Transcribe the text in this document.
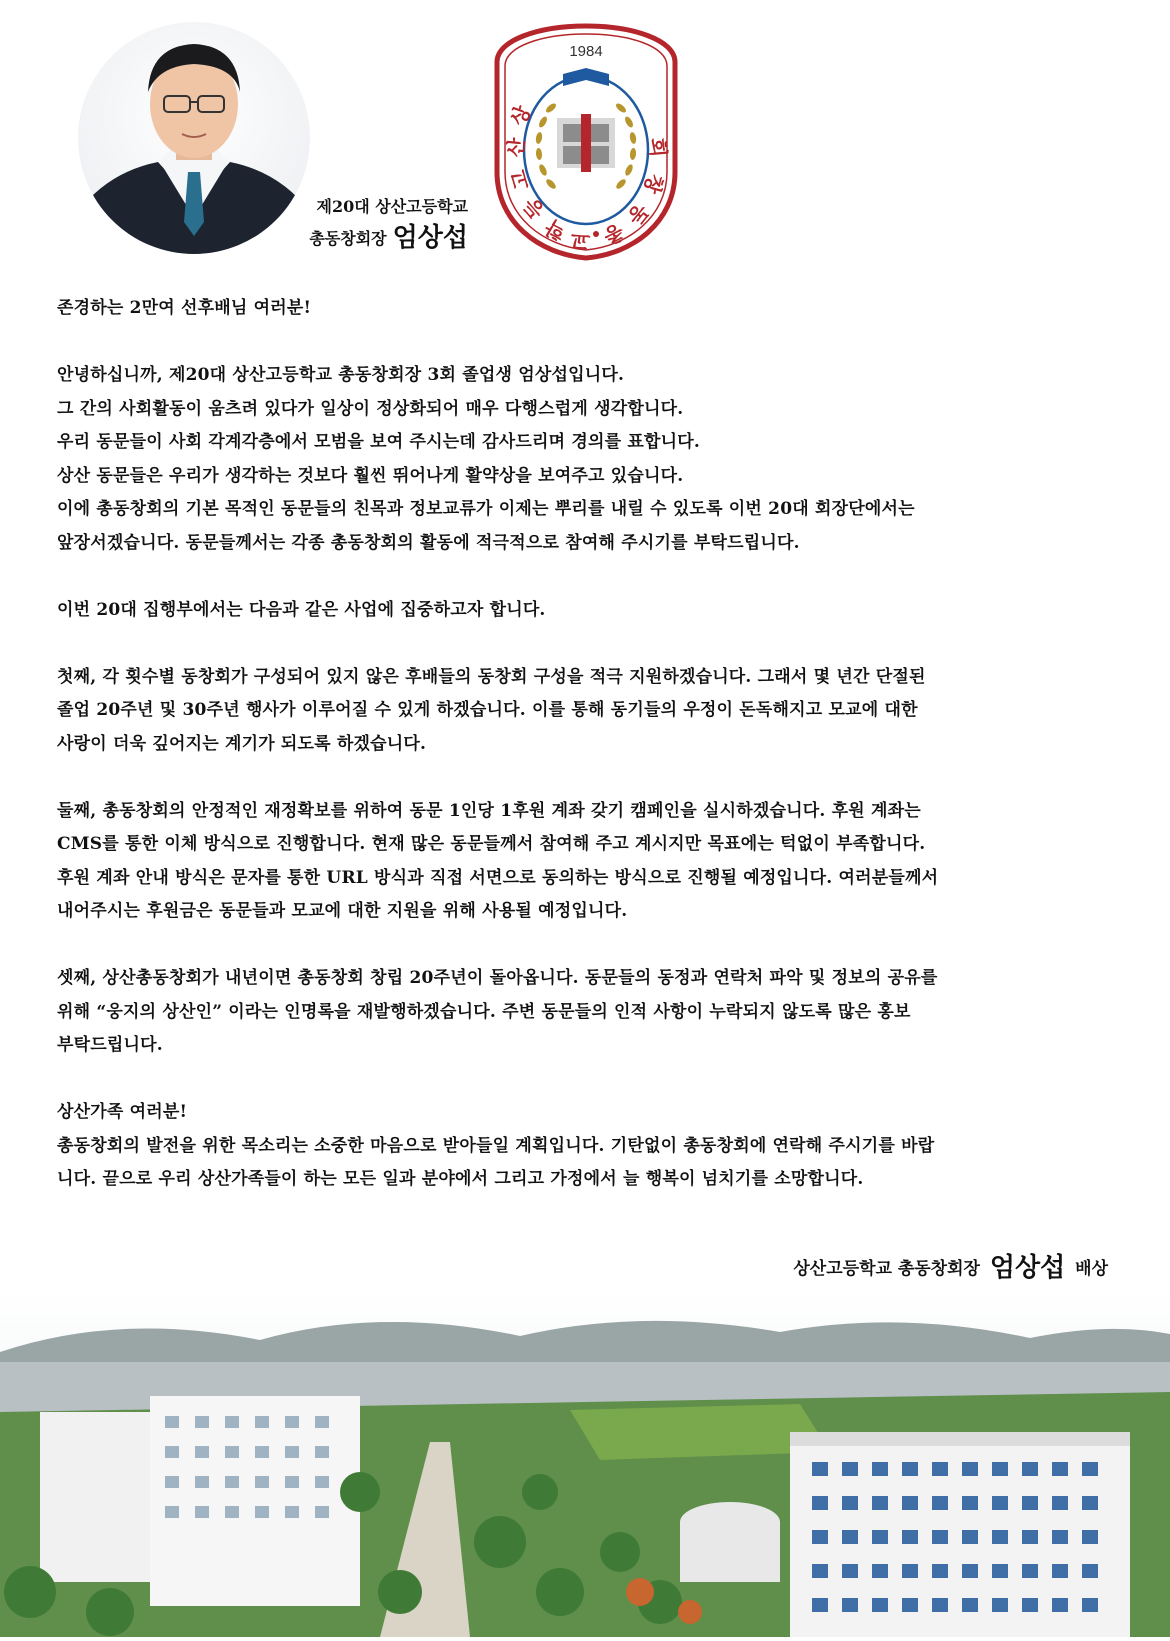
제20대 상산고등학교
총동창회장 엄상섭
1984
상
산
고
등
학 교 총
동
창
회

존경하는 2만여 선후배님 여러분!

안녕하십니까, 제20대 상산고등학교 총동창회장 3회 졸업생 엄상섭입니다.
그 간의 사회활동이 움츠려 있다가 일상이 정상화되어 매우 다행스럽게 생각합니다.
우리 동문들이 사회 각계각층에서 모범을 보여 주시는데 감사드리며 경의를 표합니다.
상산 동문들은 우리가 생각하는 것보다 훨씬 뛰어나게 활약상을 보여주고 있습니다.
이에 총동창회의 기본 목적인 동문들의 친목과 정보교류가 이제는 뿌리를 내릴 수 있도록 이번 20대 회장단에서는
앞장서겠습니다. 동문들께서는 각종 총동창회의 활동에 적극적으로 참여해 주시기를 부탁드립니다.

이번 20대 집행부에서는 다음과 같은 사업에 집중하고자 합니다.

첫째, 각 횟수별 동창회가 구성되어 있지 않은 후배들의 동창회 구성을 적극 지원하겠습니다. 그래서 몇 년간 단절된
졸업 20주년 및 30주년 행사가 이루어질 수 있게 하겠습니다. 이를 통해 동기들의 우정이 돈독해지고 모교에 대한
사랑이 더욱 깊어지는 계기가 되도록 하겠습니다.

둘째, 총동창회의 안정적인 재정확보를 위하여 동문 1인당 1후원 계좌 갖기 캠페인을 실시하겠습니다. 후원 계좌는
CMS를 통한 이체 방식으로 진행합니다. 현재 많은 동문들께서 참여해 주고 계시지만 목표에는 턱없이 부족합니다.
후원 계좌 안내 방식은 문자를 통한 URL 방식과 직접 서면으로 동의하는 방식으로 진행될 예정입니다. 여러분들께서
내어주시는 후원금은 동문들과 모교에 대한 지원을 위해 사용될 예정입니다.

셋째, 상산총동창회가 내년이면 총동창회 창립 20주년이 돌아옵니다. 동문들의 동정과 연락처 파악 및 정보의 공유를
위해 “웅지의 상산인” 이라는 인명록을 재발행하겠습니다. 주변 동문들의 인적 사항이 누락되지 않도록 많은 홍보
부탁드립니다.

상산가족 여러분!
총동창회의 발전을 위한 목소리는 소중한 마음으로 받아들일 계획입니다. 기탄없이 총동창회에 연락해 주시기를 바랍
니다. 끝으로 우리 상산가족들이 하는 모든 일과 분야에서 그리고 가정에서 늘 행복이 넘치기를 소망합니다.

상산고등학교 총동창회장 엄상섭 배상
